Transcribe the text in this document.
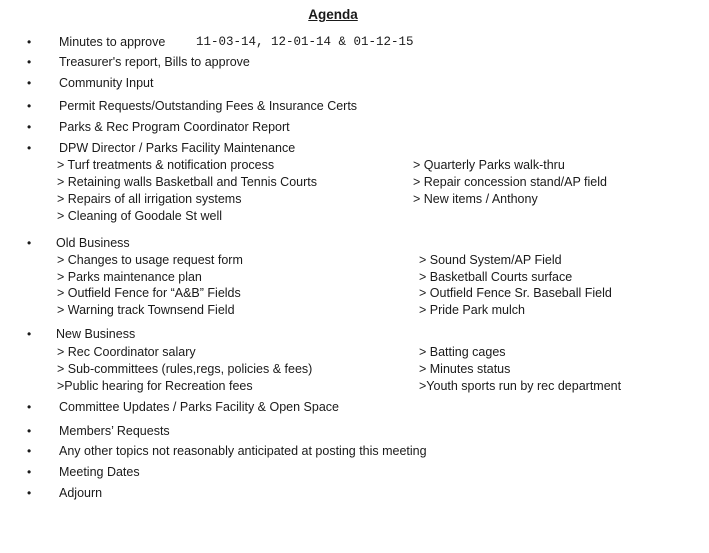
Agenda
• Minutes to approve 11-03-14, 12-01-14 & 01-12-15
• Treasurer's report, Bills to approve
• Community Input
• Permit Requests/Outstanding Fees & Insurance Certs
• Parks & Rec Program Coordinator Report
• DPW Director / Parks Facility Maintenance
> Turf treatments & notification process
> Retaining walls Basketball and Tennis Courts
> Repairs of all irrigation systems
> Cleaning of Goodale St well
> Quarterly Parks walk-thru
> Repair concession stand/AP field
> New items / Anthony
• Old Business
> Changes to usage request form
> Parks maintenance plan
> Outfield Fence for “A&B” Fields
> Warning track Townsend Field
> Sound System/AP Field
> Basketball Courts surface
> Outfield Fence Sr. Baseball Field
> Pride Park mulch
• New Business
> Rec Coordinator salary
> Sub-committees (rules,regs, policies & fees)
>Public hearing for Recreation fees
> Batting cages
> Minutes status
>Youth sports run by rec department
• Committee Updates / Parks Facility & Open Space
• Members’ Requests
• Any other topics not reasonably anticipated at posting this meeting
• Meeting Dates
• Adjourn
